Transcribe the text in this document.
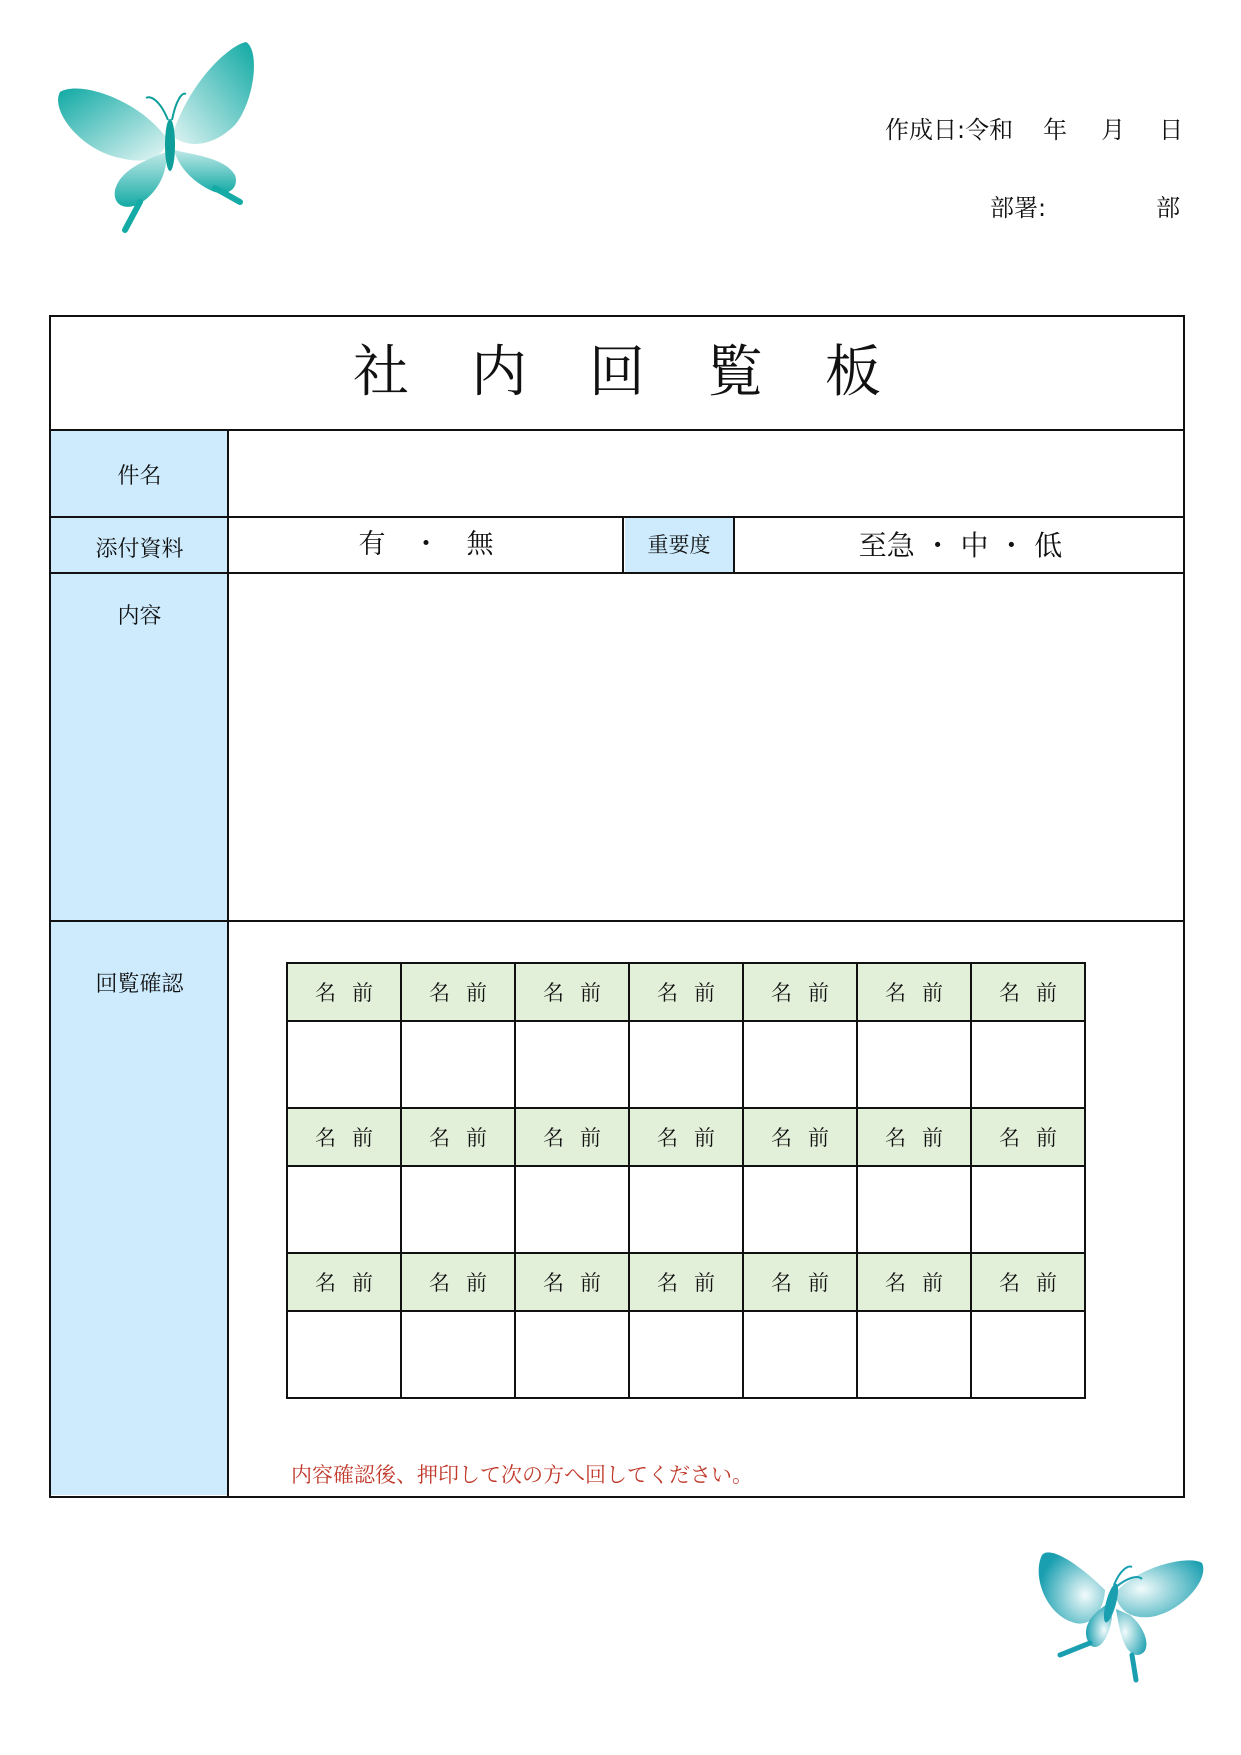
作成日:令和 年 月 日
部署:	部
社内回覧板
件名
添付資料	有　・　無	重要度	至急 ・ 中 ・ 低
内容
回覧確認	名前	名前	名前	名前	名前	名前	名前

名前	名前	名前	名前	名前	名前	名前

名前	名前	名前	名前	名前	名前	名前

内容確認後、押印して次の方へ回してください。
